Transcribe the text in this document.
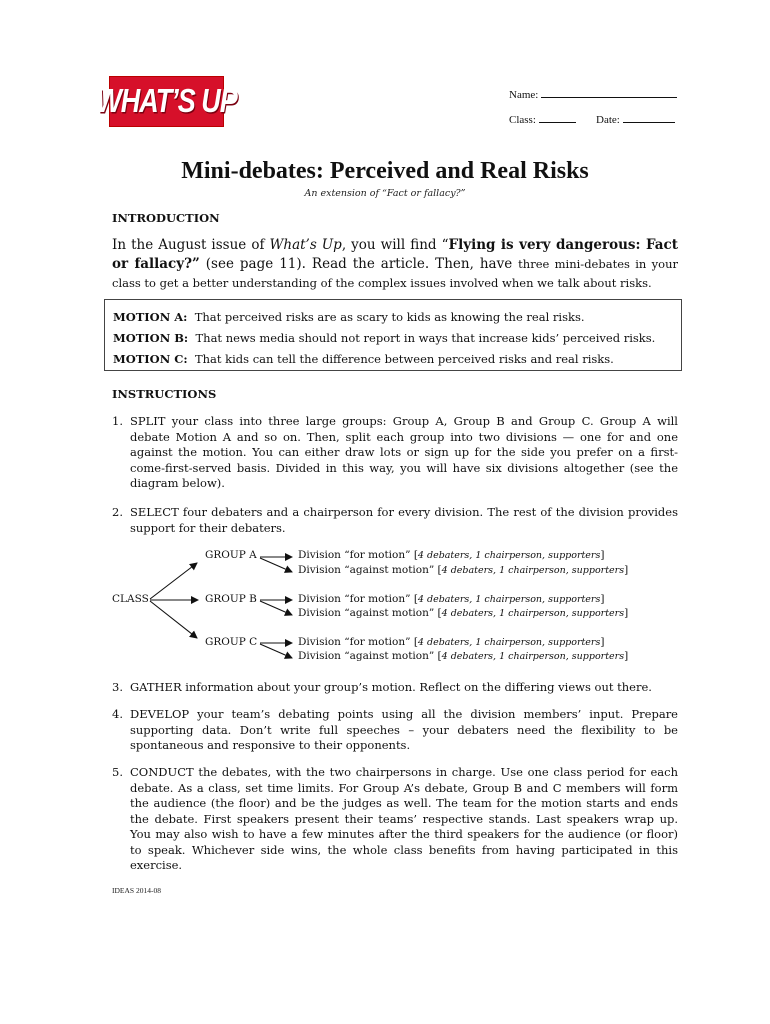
WHAT’S UP	Name:
Class:	Date:
Mini-debates: Perceived and Real Risks
An extension of “Fact or fallacy?”
INTRODUCTION
In the August issue of What’s Up, you will find “Flying is very dangerous: Fact or fallacy?” (see page 11). Read the article. Then, have three mini-debates in your class to get a better understanding of the complex issues involved when we talk about risks.
MOTION A: That perceived risks are as scary to kids as knowing the real risks.
MOTION B: That news media should not report in ways that increase kids’ perceived risks.
MOTION C: That kids can tell the difference between perceived risks and real risks.
INSTRUCTIONS
1. SPLIT your class into three large groups: Group A, Group B and Group C. Group A will debate Motion A and so on. Then, split each group into two divisions — one for and one against the motion. You can either draw lots or sign up for the side you prefer on a first-come-first-served basis. Divided in this way, you will have six divisions altogether (see the diagram below).
2. SELECT four debaters and a chairperson for every division. The rest of the division provides support for their debaters.
CLASS
GROUP A	Division “for motion” [4 debaters, 1 chairperson, supporters]
Division “against motion” [4 debaters, 1 chairperson, supporters]
GROUP B	Division “for motion” [4 debaters, 1 chairperson, supporters]
Division “against motion” [4 debaters, 1 chairperson, supporters]
GROUP C	Division “for motion” [4 debaters, 1 chairperson, supporters]
Division “against motion” [4 debaters, 1 chairperson, supporters]
3. GATHER information about your group’s motion. Reflect on the differing views out there.
4. DEVELOP your team’s debating points using all the division members’ input. Prepare supporting data. Don’t write full speeches – your debaters need the flexibility to be spontaneous and responsive to their opponents.
5. CONDUCT the debates, with the two chairpersons in charge. Use one class period for each debate. As a class, set time limits. For Group A’s debate, Group B and C members will form the audience (the floor) and be the judges as well. The team for the motion starts and ends the debate. First speakers present their teams’ respective stands. Last speakers wrap up. You may also wish to have a few minutes after the third speakers for the audience (or floor) to speak. Whichever side wins, the whole class benefits from having participated in this exercise.
IDEAS 2014-08
